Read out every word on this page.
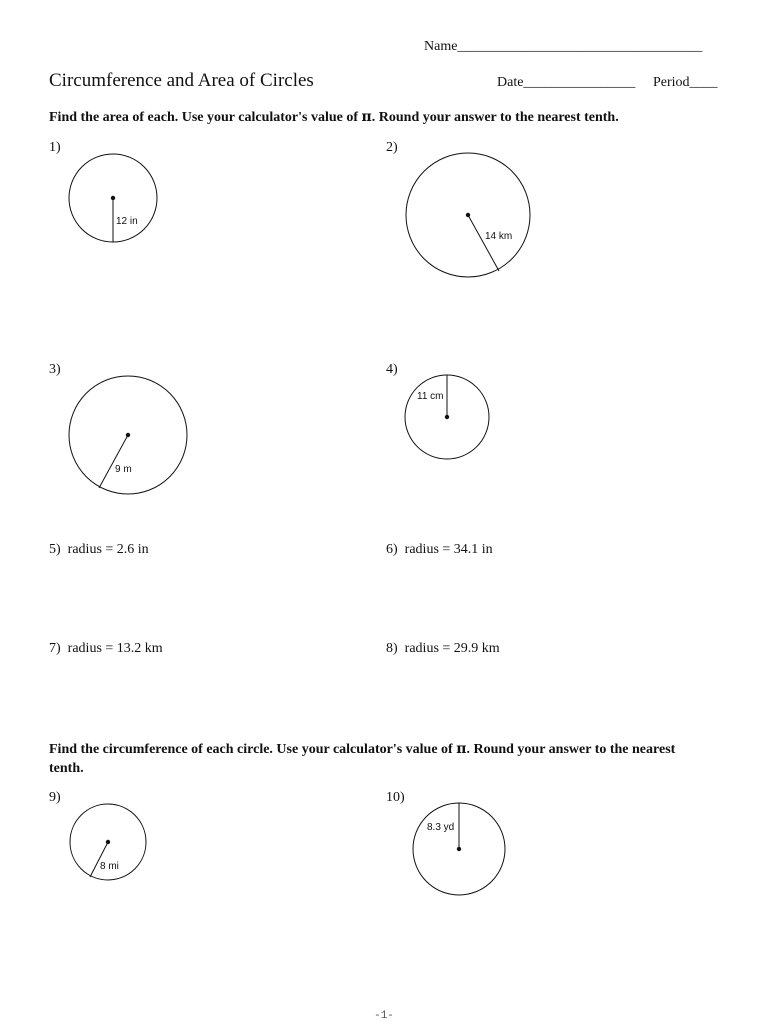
Name___________________________________
Circumference and Area of Circles	Date________________ Period____
Find the area of each. Use your calculator's value of π. Round your answer to the nearest tenth.
1)
12 in
2)
14 km
3)
9 m
4)
11 cm
5) radius = 2.6 in	6) radius = 34.1 in
7) radius = 13.2 km	8) radius = 29.9 km
Find the circumference of each circle. Use your calculator's value of π. Round your answer to the nearest tenth.
9)
8 mi
10)
8.3 yd
-1-
